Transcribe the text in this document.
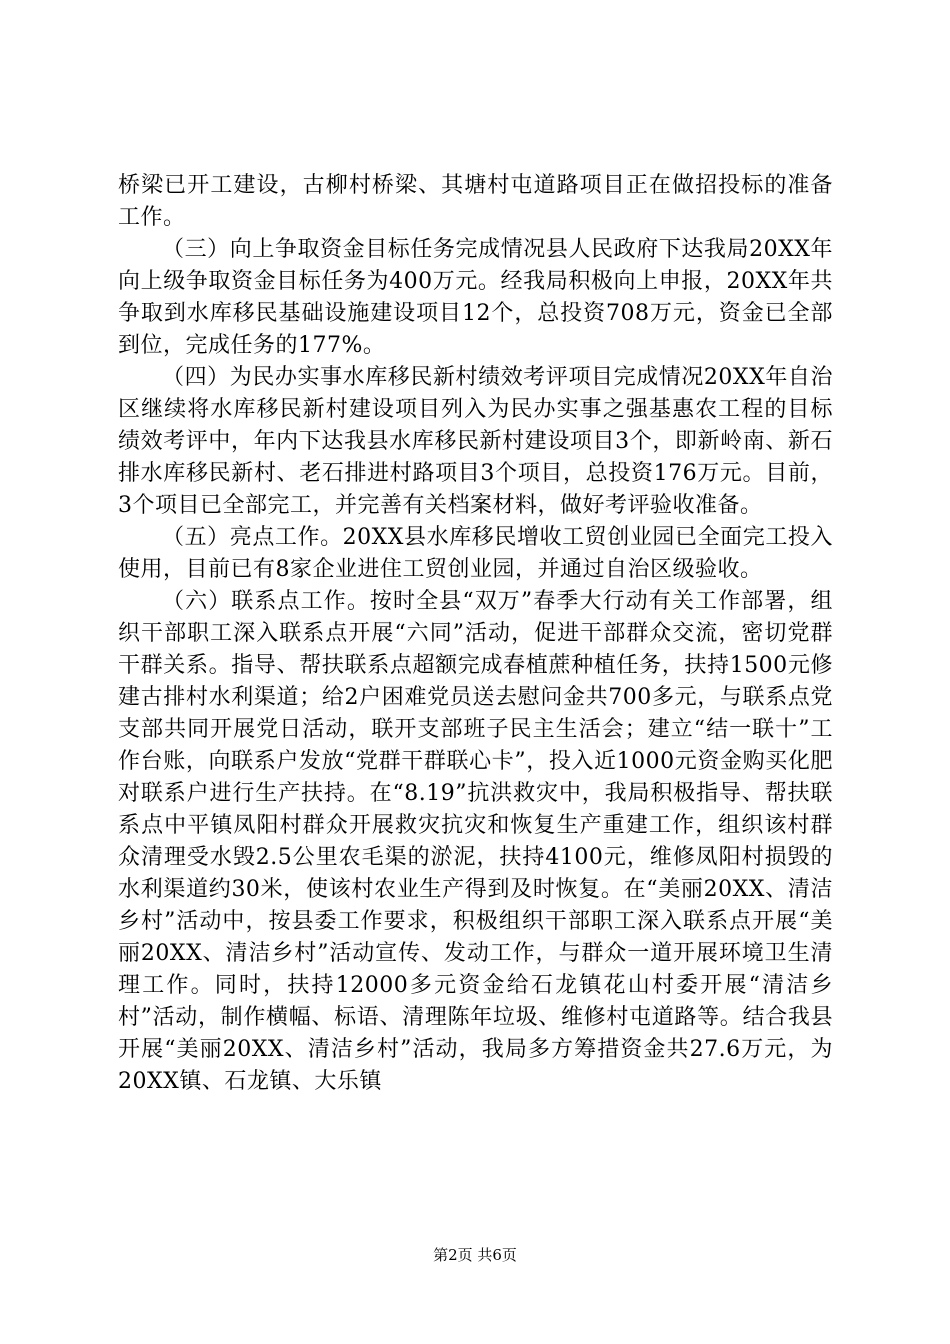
桥梁已开工建设，古柳村桥梁、其塘村屯道路项目正在做招投标的准备工作。

（三）向上争取资金目标任务完成情况县人民政府下达我局20XX年向上级争取资金目标任务为400万元。经我局积极向上申报，20XX年共争取到水库移民基础设施建设项目12个，总投资708万元，资金已全部到位，完成任务的177%。

（四）为民办实事水库移民新村绩效考评项目完成情况20XX年自治区继续将水库移民新村建设项目列入为民办实事之强基惠农工程的目标绩效考评中，年内下达我县水库移民新村建设项目3个，即新岭南、新石排水库移民新村、老石排进村路项目3个项目，总投资176万元。目前，3个项目已全部完工，并完善有关档案材料，做好考评验收准备。

（五）亮点工作。20XX县水库移民增收工贸创业园已全面完工投入使用，目前已有8家企业进住工贸创业园，并通过自治区级验收。

（六）联系点工作。按时全县“双万”春季大行动有关工作部署，组织干部职工深入联系点开展“六同”活动，促进干部群众交流，密切党群干群关系。指导、帮扶联系点超额完成春植蔗种植任务，扶持1500元修建古排村水利渠道；给2户困难党员送去慰问金共700多元，与联系点党支部共同开展党日活动，联开支部班子民主生活会；建立“结一联十”工作台账，向联系户发放“党群干群联心卡”，投入近1000元资金购买化肥对联系户进行生产扶持。在“8.19”抗洪救灾中，我局积极指导、帮扶联系点中平镇凤阳村群众开展救灾抗灾和恢复生产重建工作，组织该村群众清理受水毁2.5公里农毛渠的淤泥，扶持4100元，维修凤阳村损毁的水利渠道约30米，使该村农业生产得到及时恢复。在“美丽20XX、清洁乡村”活动中，按县委工作要求，积极组织干部职工深入联系点开展“美丽20XX、清洁乡村”活动宣传、发动工作，与群众一道开展环境卫生清理工作。同时，扶持12000多元资金给石龙镇花山村委开展“清洁乡村”活动，制作横幅、标语、清理陈年垃圾、维修村屯道路等。结合我县开展“美丽20XX、清洁乡村”活动，我局多方筹措资金共27.6万元，为20XX镇、石龙镇、大乐镇

第2页 共6页
